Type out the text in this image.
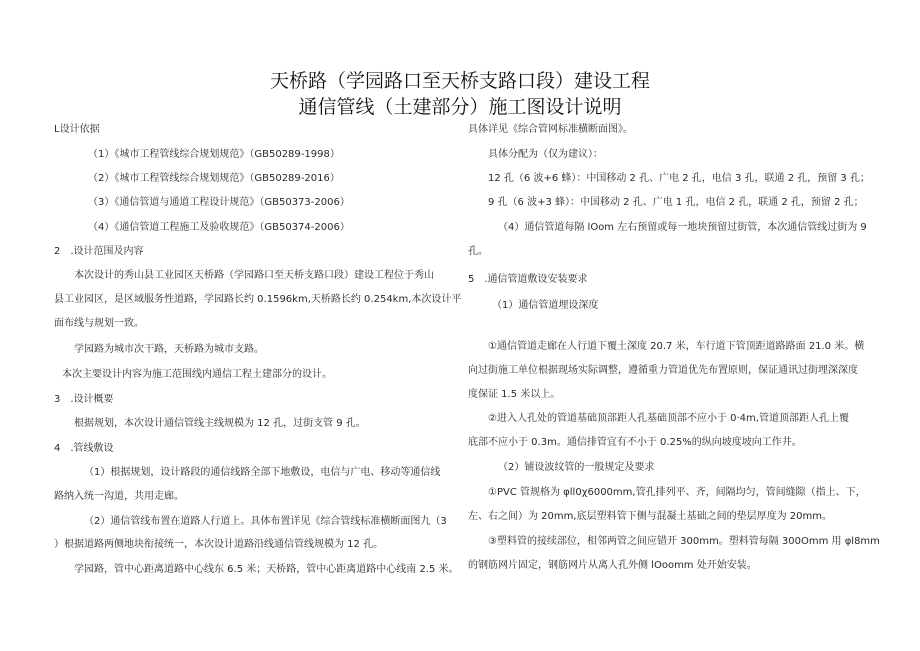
天桥路（学园路口至天桥支路口段）建设工程
通信管线（土建部分）施工图设计说明
L设计依据
（1）《城市工程管线综合规划规范》（GB50289-1998）
（2）《城市工程管线综合规划规范》（GB50289-2016）
（3）《通信管道与通道工程设计规范》（GB50373-2006）
（4）《通信管道工程施工及验收规范》（GB50374-2006）
2　.设计范围及内容
本次设计的秀山县工业园区天桥路（学园路口至天桥支路口段）建设工程位于秀山
县工业园区，是区域服务性道路，学园路长约 0.1596km,天桥路长约 0.254km,本次设计平
面布线与规划一致。
学园路为城市次干路，天桥路为城市支路。
本次主要设计内容为施工范围线内通信工程土建部分的设计。
3　.设计概要
根据规划，本次设计通信管线主线规模为 12 孔，过街支管 9 孔。
4　.管线敷设
（1）根据规划，设计路段的通信线路全部下地敷设，电信与广电、移动等通信线
路纳入统一沟道，共用走廊。
（2）通信管线布置在道路人行道上。具体布置详见《综合管线标准横断面图九（3
）根据道路两侧地块衔接统一，本次设计道路沿线通信管线规模为 12 孔。
学园路，管中心距离道路中心线东 6.5 米；天桥路，管中心距离道路中心线南 2.5 米。
具体详见《综合管网标准横断面图》。
具体分配为（仅为建议）：
12 孔（6 波+6 蜂）：中国移动 2 孔、广电 2 孔，电信 3 孔，联通 2 孔，预留 3 孔；
9 孔（6 波+3 蜂）：中国移动 2 孔、广电 1 孔，电信 2 孔，联通 2 孔，预留 2 孔；
（4）通信管道每隔 lOom 左右预留或每一地块预留过街管，本次通信管线过街为 9
孔。
5　.通信管道敷设安装要求
（1）通信管道埋设深度
①通信管道走廊在人行道下覆土深度 20.7 米，车行道下管顶距道路路面 21.0 米。横
向过街施工单位根据现场实际调整，遵循重力管道优先布置原则，保证通讯过街埋深深度
度保证 1.5 米以上。
②进入人孔处的管道基础顶部距人孔基础顶部不应小于 0·4m,管道顶部距人孔上覆
底部不应小于 0.3m。通信排管宜有不小于 0.25%的纵向坡度坡向工作井。
（2）铺设波纹管的一般规定及要求
①PVC 管规格为 φll0χ6000mm,管孔排列平、齐，间隔均匀，管间缝隙（指上、下，
左、右之间）为 20mm,底层塑料管下侧与混凝土基础之间的垫层厚度为 20mm。
③塑料管的接续部位，相邻两管之间应错开 300mm。塑料管每隔 300Omm 用 φl8mm
的钢筋网片固定，钢筋网片从离人孔外侧 lOoomm 处开始安装。
